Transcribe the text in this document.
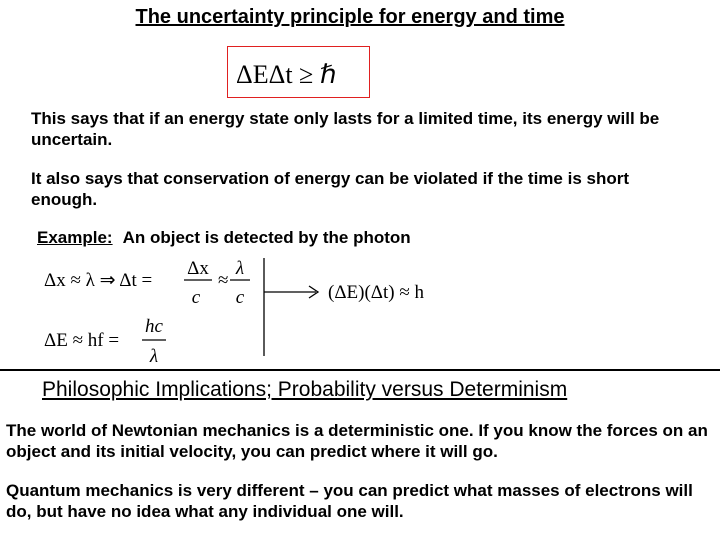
The uncertainty principle for energy and time
ΔEΔt ≥ ℏ
This says that if an energy state only lasts for a limited time, its energy will be uncertain.
It also says that conservation of energy can be violated if the time is short enough.
Example: An object is detected by the photon
Δx ≈ λ ⇒ Δt =
Δx
c
≈
λ
c
ΔE ≈ hf =
hc
λ
(ΔE)(Δt) ≈ h
Philosophic Implications; Probability versus Determinism
The world of Newtonian mechanics is a deterministic one. If you know the forces on an object and its initial velocity, you can predict where it will go.
Quantum mechanics is very different – you can predict what masses of electrons will do, but have no idea what any individual one will.
